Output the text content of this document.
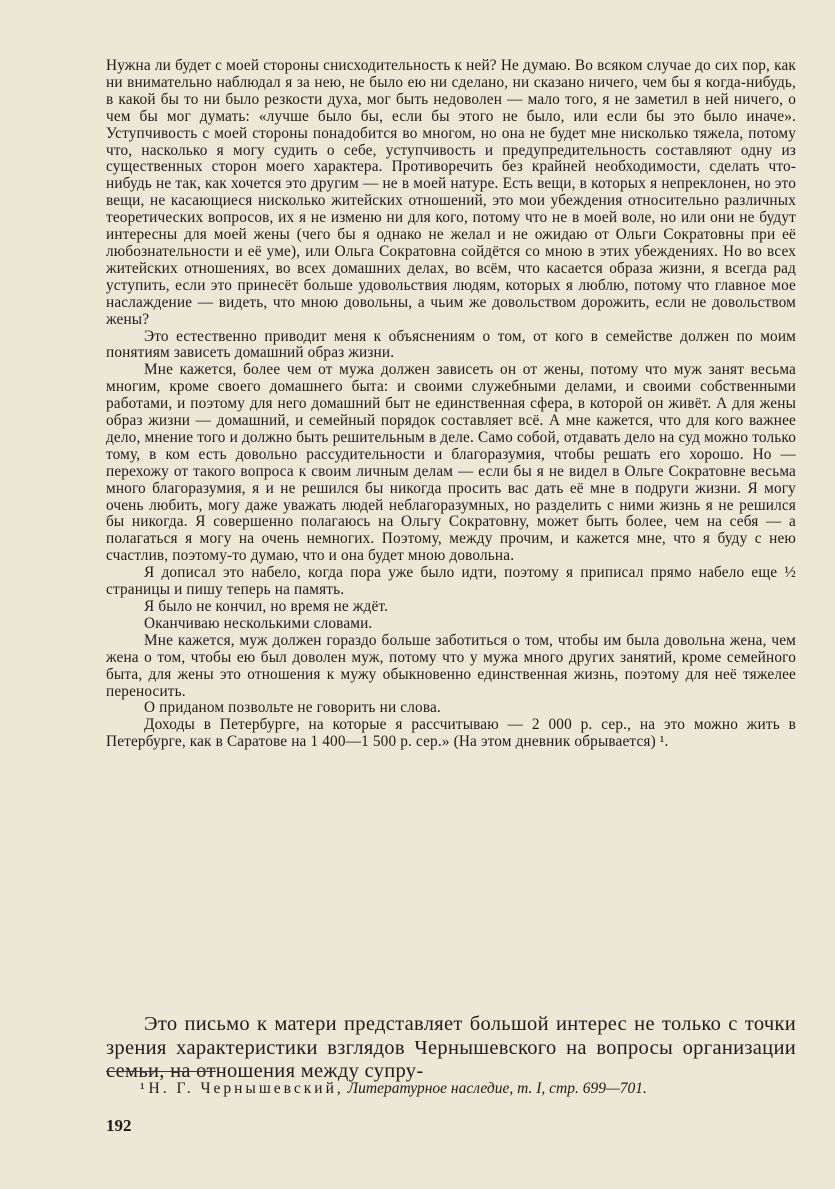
Нужна ли будет с моей стороны снисходительность к ней? Не думаю. Во всяком случае до сих пор, как ни внимательно наблюдал я за нею, не было ею ни сделано, ни сказано ничего, чем бы я когда-нибудь, в какой бы то ни было резкости духа, мог быть недоволен — мало того, я не заметил в ней ничего, о чем бы мог думать: «лучше было бы, если бы этого не было, или если бы это было иначе». Уступчивость с моей стороны понадобится во многом, но она не будет мне нисколько тяжела, потому что, насколько я могу судить о себе, уступчивость и предупредительность составляют одну из существенных сторон моего характера. Противоречить без крайней необходимости, сделать что-нибудь не так, как хочется это другим — не в моей натуре. Есть вещи, в которых я непреклонен, но это вещи, не касающиеся нисколько житейских отношений, это мои убеждения относительно различных теоретических вопросов, их я не изменю ни для кого, потому что не в моей воле, но или они не будут интересны для моей жены (чего бы я однако не желал и не ожидаю от Ольги Сократовны при её любознательности и её уме), или Ольга Сократовна сойдётся со мною в этих убеждениях. Но во всех житейских отношениях, во всех домашних делах, во всём, что касается образа жизни, я всегда рад уступить, если это принесёт больше удовольствия людям, которых я люблю, потому что главное мое наслаждение — видеть, что мною довольны, а чьим же довольством дорожить, если не довольством жены?

Это естественно приводит меня к объяснениям о том, от кого в семействе должен по моим понятиям зависеть домашний образ жизни.

Мне кажется, более чем от мужа должен зависеть он от жены, потому что муж занят весьма многим, кроме своего домашнего быта: и своими служебными делами, и своими собственными работами, и поэтому для него домашний быт не единственная сфера, в которой он живёт. А для жены образ жизни — домашний, и семейный порядок составляет всё. А мне кажется, что для кого важнее дело, мнение того и должно быть решительным в деле. Само собой, отдавать дело на суд можно только тому, в ком есть довольно рассудительности и благоразумия, чтобы решать его хорошо. Но — перехожу от такого вопроса к своим личным делам — если бы я не видел в Ольге Сократовне весьма много благоразумия, я и не решился бы никогда просить вас дать её мне в подруги жизни. Я могу очень любить, могу даже уважать людей неблагоразумных, но разделить с ними жизнь я не решился бы никогда. Я совершенно полагаюсь на Ольгу Сократовну, может быть более, чем на себя — а полагаться я могу на очень немногих. Поэтому, между прочим, и кажется мне, что я буду с нею счастлив, поэтому-то думаю, что и она будет мною довольна.

Я дописал это набело, когда пора уже было идти, поэтому я приписал прямо набело еще ½ страницы и пишу теперь на память.

Я было не кончил, но время не ждёт.

Оканчиваю несколькими словами.

Мне кажется, муж должен гораздо больше заботиться о том, чтобы им была довольна жена, чем жена о том, чтобы ею был доволен муж, потому что у мужа много других занятий, кроме семейного быта, для жены это отношения к мужу обыкновенно единственная жизнь, поэтому для неё тяжелее переносить.

О приданом позвольте не говорить ни слова.

Доходы в Петербурге, на которые я рассчитываю — 2 000 р. сер., на это можно жить в Петербурге, как в Саратове на 1 400—1 500 р. сер.» (На этом дневник обрывается) ¹.

Это письмо к матери представляет большой интерес не только с точки зрения характеристики взглядов Чернышевского на вопросы организации семьи, на отношения между супру-

¹ Н. Г. Чернышевский, Литературное наследие, т. I, стр. 699—701.
192
